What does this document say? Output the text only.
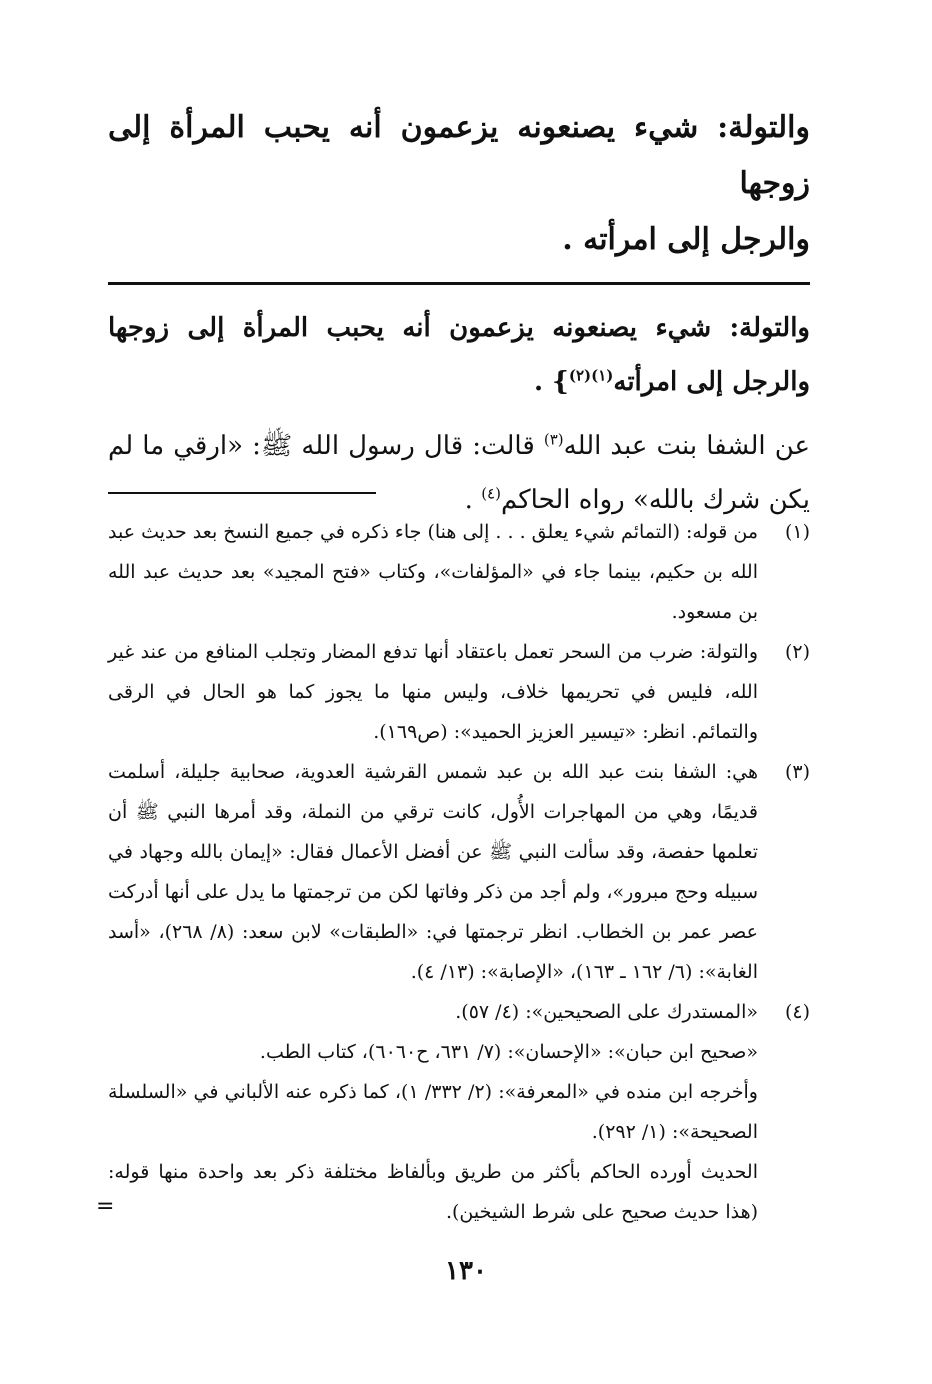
والتولة: شيء يصنعونه يزعمون أنه يحبب المرأة إلى زوجها
والرجل إلى امرأته .

والتولة: شيء يصنعونه يزعمون أنه يحبب المرأة إلى زوجها والرجل إلى امرأته$^{(١)(٢)}$} .

عن الشفا بنت عبد الله$^{(٣)}$ قالت: قال رسول الله ﷺ: «ارقي ما لم يكن شرك بالله» رواه الحاكم$^{(٤)}$ .

(١)

من قوله: (التمائم شيء يعلق . . . إلى هنا) جاء ذكره في جميع النسخ بعد حديث عبد الله بن حكيم، بينما جاء في «المؤلفات»، وكتاب «فتح المجيد» بعد حديث عبد الله بن مسعود.

(٢)

والتولة: ضرب من السحر تعمل باعتقاد أنها تدفع المضار وتجلب المنافع من عند غير الله، فليس في تحريمها خلاف، وليس منها ما يجوز كما هو الحال في الرقى والتمائم. انظر: «تيسير العزيز الحميد»: (ص١٦٩).

(٣)

هي: الشفا بنت عبد الله بن عبد شمس القرشية العدوية، صحابية جليلة، أسلمت قديمًا، وهي من المهاجرات الأُول، كانت ترقي من النملة، وقد أمرها النبي ﷺ أن تعلمها حفصة، وقد سألت النبي ﷺ عن أفضل الأعمال فقال: «إيمان بالله وجهاد في سبيله وحج مبرور»، ولم أجد من ذكر وفاتها لكن من ترجمتها ما يدل على أنها أدركت عصر عمر بن الخطاب. انظر ترجمتها في: «الطبقات» لابن سعد: (٨/ ٢٦٨)، «أسد الغابة»: (٦/ ١٦٢ ـ ١٦٣)، «الإصابة»: (١٣/ ٤).

(٤)

«المستدرك على الصحيحين»: (٤/ ٥٧).

«صحيح ابن حبان»: «الإحسان»: (٧/ ٦٣١، ح٦٠٦٠)، كتاب الطب.

وأخرجه ابن منده في «المعرفة»: (٢/ ٣٣٢/ ١)، كما ذكره عنه الألباني في «السلسلة الصحيحة»: (١/ ٢٩٢).

الحديث أورده الحاكم بأكثر من طريق وبألفاظ مختلفة ذكر بعد واحدة منها قوله: (هذا حديث صحيح على شرط الشيخين).

=
١٣٠
